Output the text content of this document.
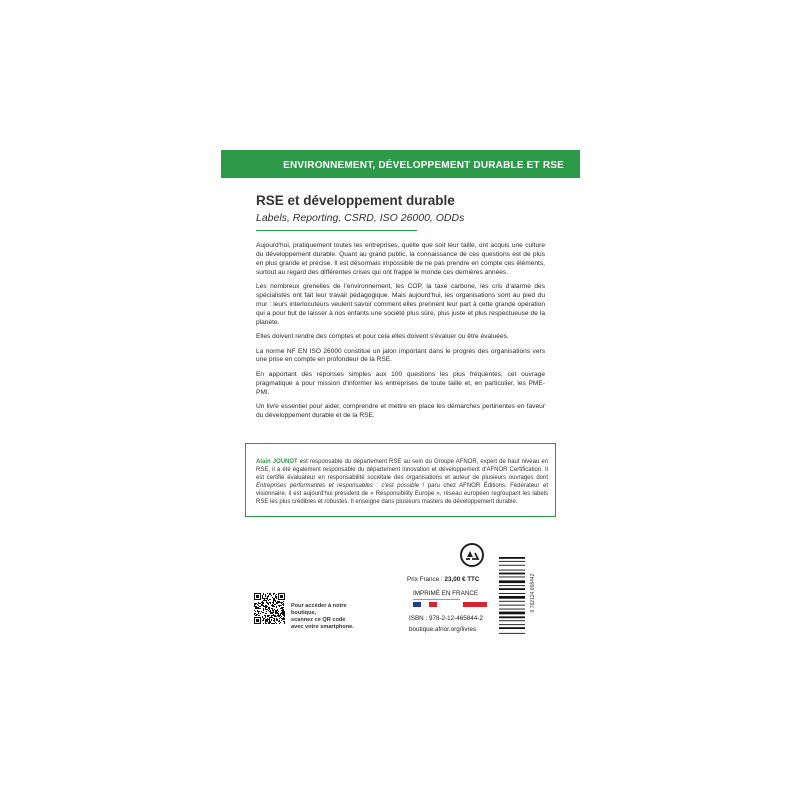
ENVIRONNEMENT, DÉVELOPPEMENT DURABLE ET RSE
RSE et développement durable
Labels, Reporting, CSRD, ISO 26000, ODDs

Aujourd'hui, pratiquement toutes les entreprises, quelle que soit leur taille, ont acquis une culture du développement durable. Quant au grand public, la connaissance de ces questions est de plus en plus grande et précise. Il est désormais impossible de ne pas prendre en compte ces éléments, surtout au regard des différentes crises qui ont frappé le monde ces dernières années.

Les nombreux grenelles de l'environnement, les COP, la taxe carbone, les cris d'alarme des spécialistes ont fait leur travail pédagogique. Mais aujourd'hui, les organisations sont au pied du mur : leurs interlocuteurs veulent savoir comment elles prennent leur part à cette grande opération qui a pour but de laisser à nos enfants une société plus sûre, plus juste et plus respectueuse de la planète.

Elles doivent rendre des comptes et pour cela elles doivent s'évaluer ou être évaluées.

La norme NF EN ISO 26000 constitue un jalon important dans le progrès des organisations vers une prise en compte en profondeur de la RSE.

En apportant des réponses simples aux 100 questions les plus fréquentes, cet ouvrage pragmatique a pour mission d'informer les entreprises de toute taille et, en particulier, les PME-PMI.

Un livre essentiel pour aider, comprendre et mettre en place les démarches pertinentes en faveur du développement durable et de la RSE.

Alain JOUNOT est responsable du département RSE au sein du Groupe AFNOR, expert de haut niveau en RSE, il a été également responsable du département innovation et développement d'AFNOR Certification. Il est certifié évaluateur en responsabilité sociétale des organisations et auteur de plusieurs ouvrages dont Entreprises performantes et responsables : c'est possible ! paru chez AFNOR Éditions. Fédérateur et visionnaire, il est aujourd'hui président de « Responsibility Europe », réseau européen regroupant les labels RSE les plus crédibles et robustes. Il enseigne dans plusieurs masters de développement durable.
Prix France : 23,00 € TTC
IMPRIMÉ EN FRANCE
ISBN : 978-2-12-465844-2
boutique.afnor.org/livres
9 782124 658442
Pour accéder à notre boutique,
scannez ce QR code
avec votre smartphone.
